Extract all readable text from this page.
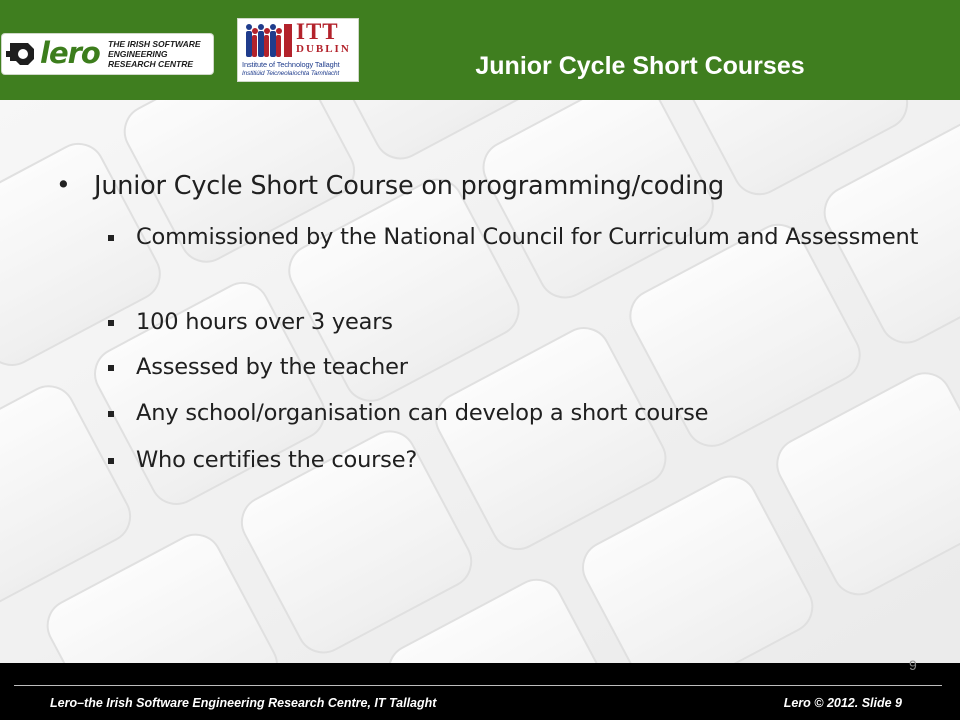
lero THE IRISH SOFTWARE
ENGINEERING
RESEARCH CENTRE
ITT
DUBLIN
Institute of Technology Tallaght
Institiúid Teicneolaíochta Tamhlacht	Junior Cycle Short Courses
• Junior Cycle Short Course on programming/coding
Commissioned by the National Council for Curriculum and Assessment
100 hours over 3 years
Assessed by the teacher
Any school/organisation can develop a short course
Who certifies the course?
9
Lero–the Irish Software Engineering Research Centre, IT Tallaght	Lero © 2012. Slide 9
